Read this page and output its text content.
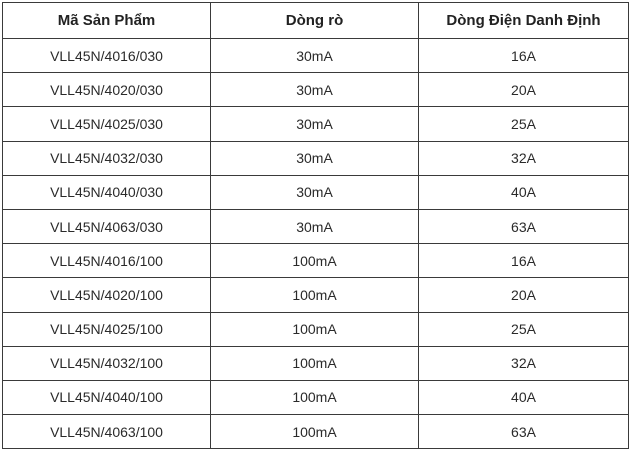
Mã Sản Phẩm	Dòng rò	Dòng Điện Danh Định
VLL45N/4016/030	30mA	16A
VLL45N/4020/030	30mA	20A
VLL45N/4025/030	30mA	25A
VLL45N/4032/030	30mA	32A
VLL45N/4040/030	30mA	40A
VLL45N/4063/030	30mA	63A
VLL45N/4016/100	100mA	16A
VLL45N/4020/100	100mA	20A
VLL45N/4025/100	100mA	25A
VLL45N/4032/100	100mA	32A
VLL45N/4040/100	100mA	40A
VLL45N/4063/100	100mA	63A
